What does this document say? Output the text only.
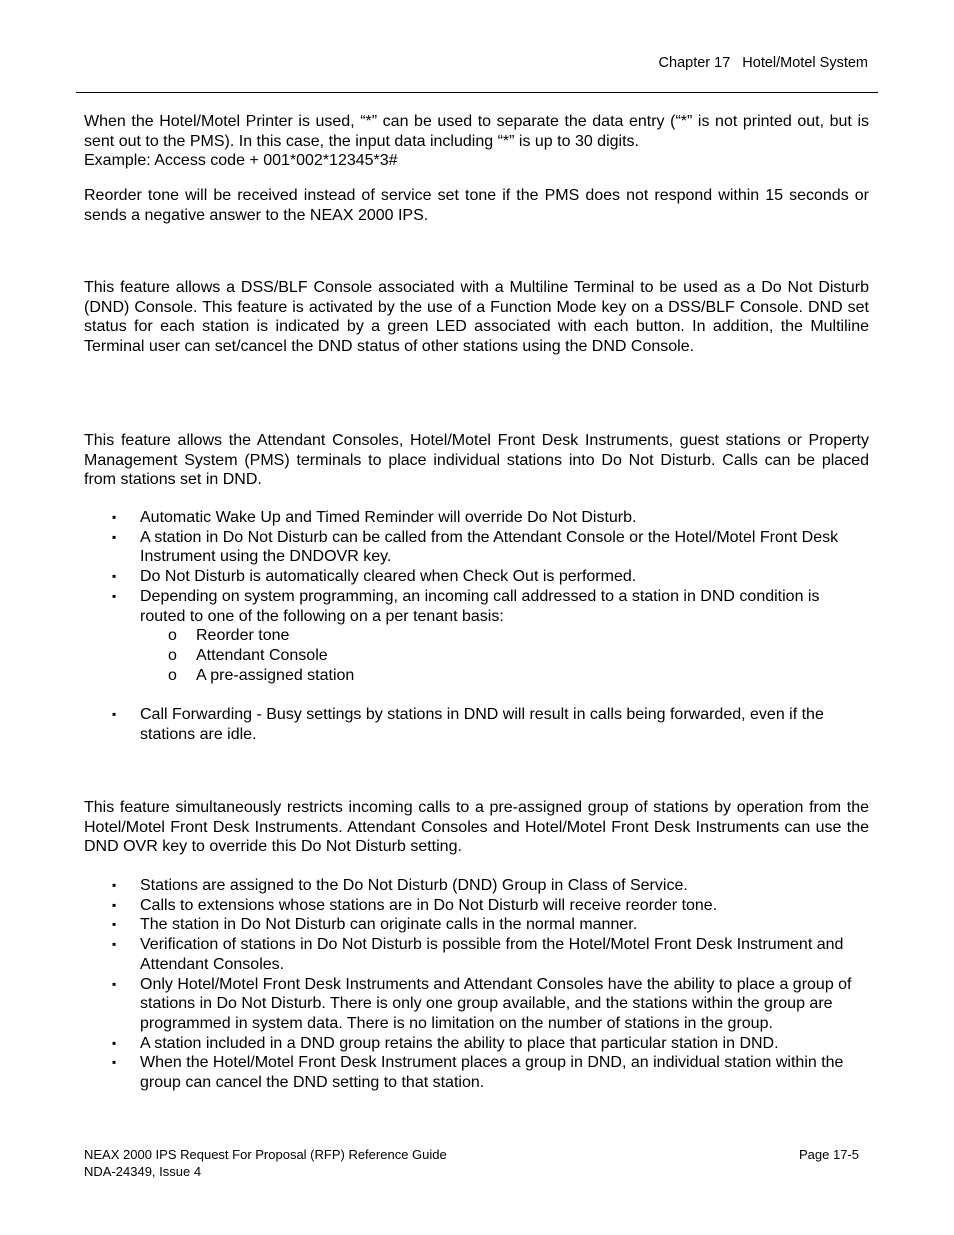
Chapter 17 Hotel/Motel System

When the Hotel/Motel Printer is used, “*” can be used to separate the data entry (“*” is not printed out, but is sent out to the PMS). In this case, the input data including “*” is up to 30 digits.
Example: Access code + 001*002*12345*3#

Reorder tone will be received instead of service set tone if the PMS does not respond within 15 seconds or sends a negative answer to the NEAX 2000 IPS.

This feature allows a DSS/BLF Console associated with a Multiline Terminal to be used as a Do Not Disturb (DND) Console. This feature is activated by the use of a Function Mode key on a DSS/BLF Console. DND set status for each station is indicated by a green LED associated with each button. In addition, the Multiline Terminal user can set/cancel the DND status of other stations using the DND Console.

This feature allows the Attendant Consoles, Hotel/Motel Front Desk Instruments, guest stations or Property Management System (PMS) terminals to place individual stations into Do Not Disturb. Calls can be placed from stations set in DND.

▪ Automatic Wake Up and Timed Reminder will override Do Not Disturb.
▪ A station in Do Not Disturb can be called from the Attendant Console or the Hotel/Motel Front Desk Instrument using the DNDOVR key.
▪ Do Not Disturb is automatically cleared when Check Out is performed.
▪ Depending on system programming, an incoming call addressed to a station in DND condition is routed to one of the following on a per tenant basis:
o Reorder tone
o Attendant Console
o A pre-assigned station
▪ Call Forwarding - Busy settings by stations in DND will result in calls being forwarded, even if the stations are idle.

This feature simultaneously restricts incoming calls to a pre-assigned group of stations by operation from the Hotel/Motel Front Desk Instruments. Attendant Consoles and Hotel/Motel Front Desk Instruments can use the DND OVR key to override this Do Not Disturb setting.

▪ Stations are assigned to the Do Not Disturb (DND) Group in Class of Service.
▪ Calls to extensions whose stations are in Do Not Disturb will receive reorder tone.
▪ The station in Do Not Disturb can originate calls in the normal manner.
▪ Verification of stations in Do Not Disturb is possible from the Hotel/Motel Front Desk Instrument and Attendant Consoles.
▪ Only Hotel/Motel Front Desk Instruments and Attendant Consoles have the ability to place a group of stations in Do Not Disturb. There is only one group available, and the stations within the group are programmed in system data. There is no limitation on the number of stations in the group.
▪ A station included in a DND group retains the ability to place that particular station in DND.
▪ When the Hotel/Motel Front Desk Instrument places a group in DND, an individual station within the group can cancel the DND setting to that station.
NEAX 2000 IPS Request For Proposal (RFP) Reference Guide
NDA-24349, Issue 4
Page 17-5
